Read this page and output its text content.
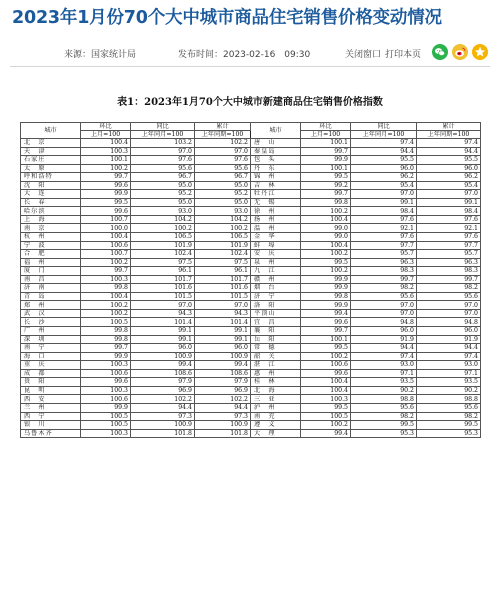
2023年1月份70个大中城市商品住宅销售价格变动情况
来源：国家统计局	发布时间：2023-02-16　09:30	关闭窗口 打印本页
表1：2023年1月70个大中城市新建商品住宅销售价格指数
城市	环比	同比	累计	城市	环比	同比	累计
	上月=100	上年同月=100	上年同期=100		上月=100	上年同月=100	上年同期=100
北　京	100.4	103.2	102.2	唐　山	100.1	97.4	97.4
天　津	100.3	97.0	97.0	秦皇岛	99.7	94.4	94.4
石家庄	100.1	97.6	97.6	包　头	99.9	95.5	95.5
太　原	100.2	95.6	95.6	丹　东	100.1	96.0	96.0
呼和浩特	99.7	96.7	96.7	锦　州	99.5	96.2	96.2
沈　阳	99.6	95.0	95.0	吉　林	99.2	95.4	95.4
大　连	99.9	95.2	95.2	牡丹江	99.7	97.0	97.0
长　春	99.5	95.0	95.0	无　锡	99.8	99.1	99.1
哈尔滨	99.6	93.0	93.0	徐　州	100.2	98.4	98.4
上　海	100.7	104.2	104.2	扬　州	100.4	97.6	97.6
南　京	100.0	100.2	100.2	温　州	99.0	92.1	92.1
杭　州	100.4	106.5	106.5	金　华	99.0	97.6	97.6
宁　波	100.6	101.9	101.9	蚌　埠	100.4	97.7	97.7
合　肥	100.7	102.4	102.4	安　庆	100.2	95.7	95.7
福　州	100.2	97.5	97.5	泉　州	99.5	96.3	96.3
厦　门	99.7	96.1	96.1	九　江	100.2	98.3	98.3
南　昌	100.3	101.7	101.7	赣　州	99.9	99.7	99.7
济　南	99.8	101.6	101.6	烟　台	99.9	98.2	98.2
青　岛	100.4	101.5	101.5	济　宁	99.8	95.6	95.6
郑　州	100.2	97.0	97.0	洛　阳	99.9	97.0	97.0
武　汉	100.2	94.3	94.3	平顶山	99.4	97.0	97.0
长　沙	100.5	101.4	101.4	宜　昌	99.6	94.8	94.8
广　州	99.8	99.1	99.1	襄　阳	99.7	96.0	96.0
深　圳	99.8	99.1	99.1	岳　阳	100.1	91.9	91.9
南　宁	99.7	96.0	96.0	常　德	99.5	94.4	94.4
海　口	99.9	100.9	100.9	韶　关	100.2	97.4	97.4
重　庆	100.3	99.4	99.4	湛　江	100.6	93.0	93.0
成　都	100.6	108.6	108.6	惠　州	99.6	97.1	97.1
贵　阳	99.6	97.9	97.9	桂　林	100.4	93.5	93.5
昆　明	100.3	96.9	96.9	北　海	100.4	90.2	90.2
西　安	100.6	102.2	102.2	三　亚	100.3	98.8	98.8
兰　州	99.9	94.4	94.4	泸　州	99.5	95.6	95.6
西　宁	100.5	97.3	97.3	南　充	100.5	98.2	98.2
银　川	100.5	100.9	100.9	遵　义	100.2	99.5	99.5
乌鲁木齐	100.3	101.8	101.8	大　理	99.4	95.3	95.3
